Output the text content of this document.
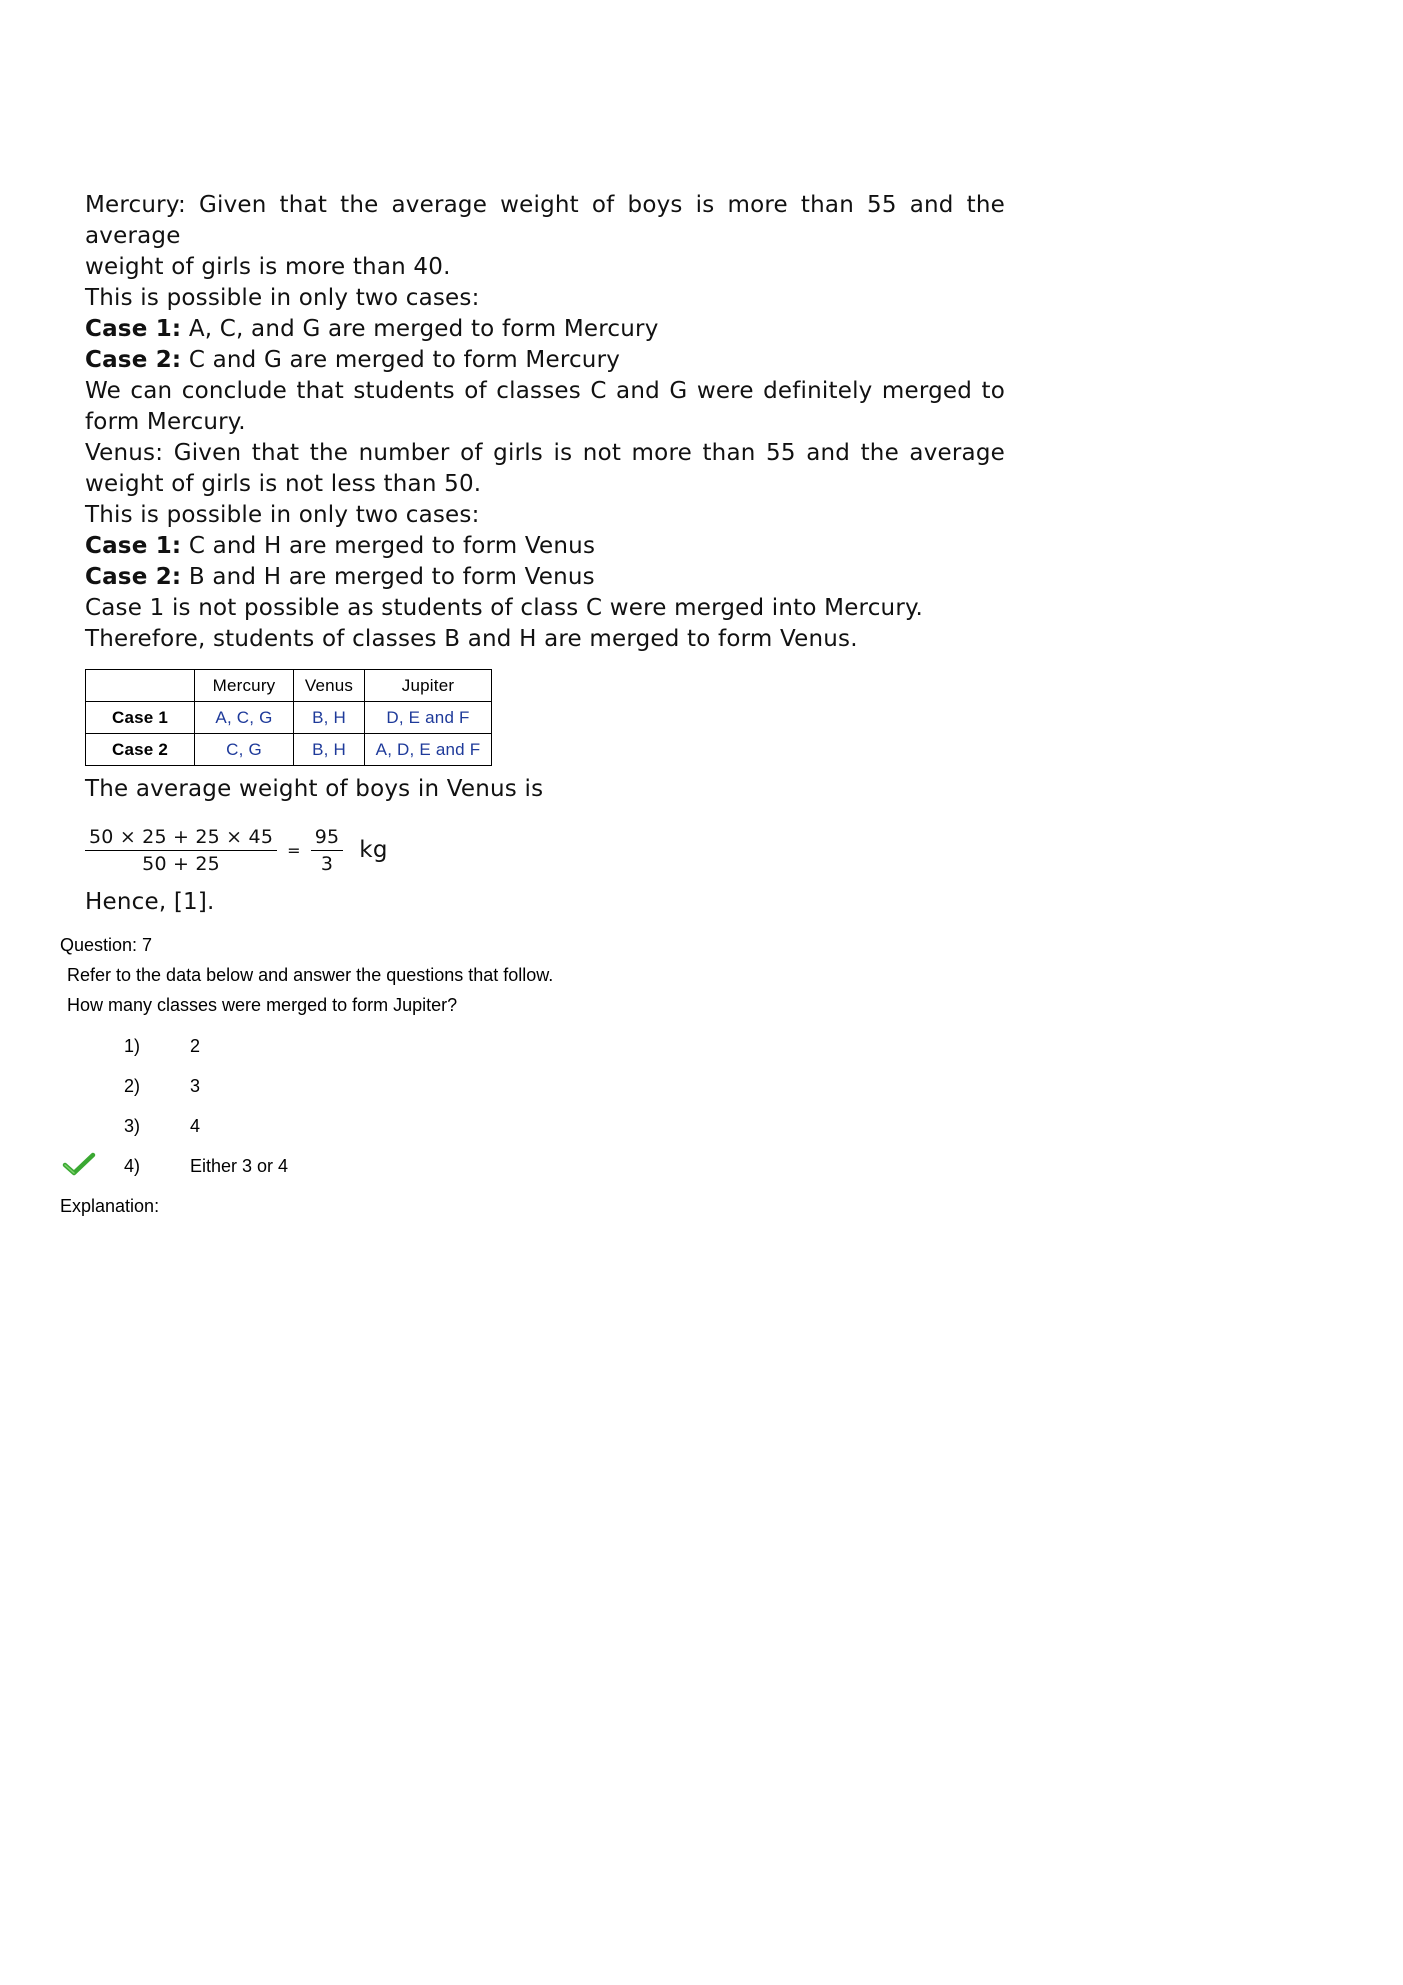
Mercury: Given that the average weight of boys is more than 55 and the average
weight of girls is more than 40.
This is possible in only two cases:
Case 1: A, C, and G are merged to form Mercury
Case 2: C and G are merged to form Mercury
We can conclude that students of classes C and G were definitely merged to
form Mercury.
Venus: Given that the number of girls is not more than 55 and the average
weight of girls is not less than 50.
This is possible in only two cases:
Case 1: C and H are merged to form Venus
Case 2: B and H are merged to form Venus
Case 1 is not possible as students of class C were merged into Mercury.
Therefore, students of classes B and H are merged to form Venus.
	Mercury	Venus	Jupiter
Case 1	A, C, G	B, H	D, E and F
Case 2	C, G	B, H	A, D, E and F
The average weight of boys in Venus is
$\frac{50 \times 25 + 25 \times 45}{50 + 25} = \frac{95}{3}$ kg
Hence, [1].
Question: 7
Refer to the data below and answer the questions that follow.
How many classes were merged to form Jupiter?
1)	2
2)	3
3)	4
4)	Either 3 or 4
Explanation:
